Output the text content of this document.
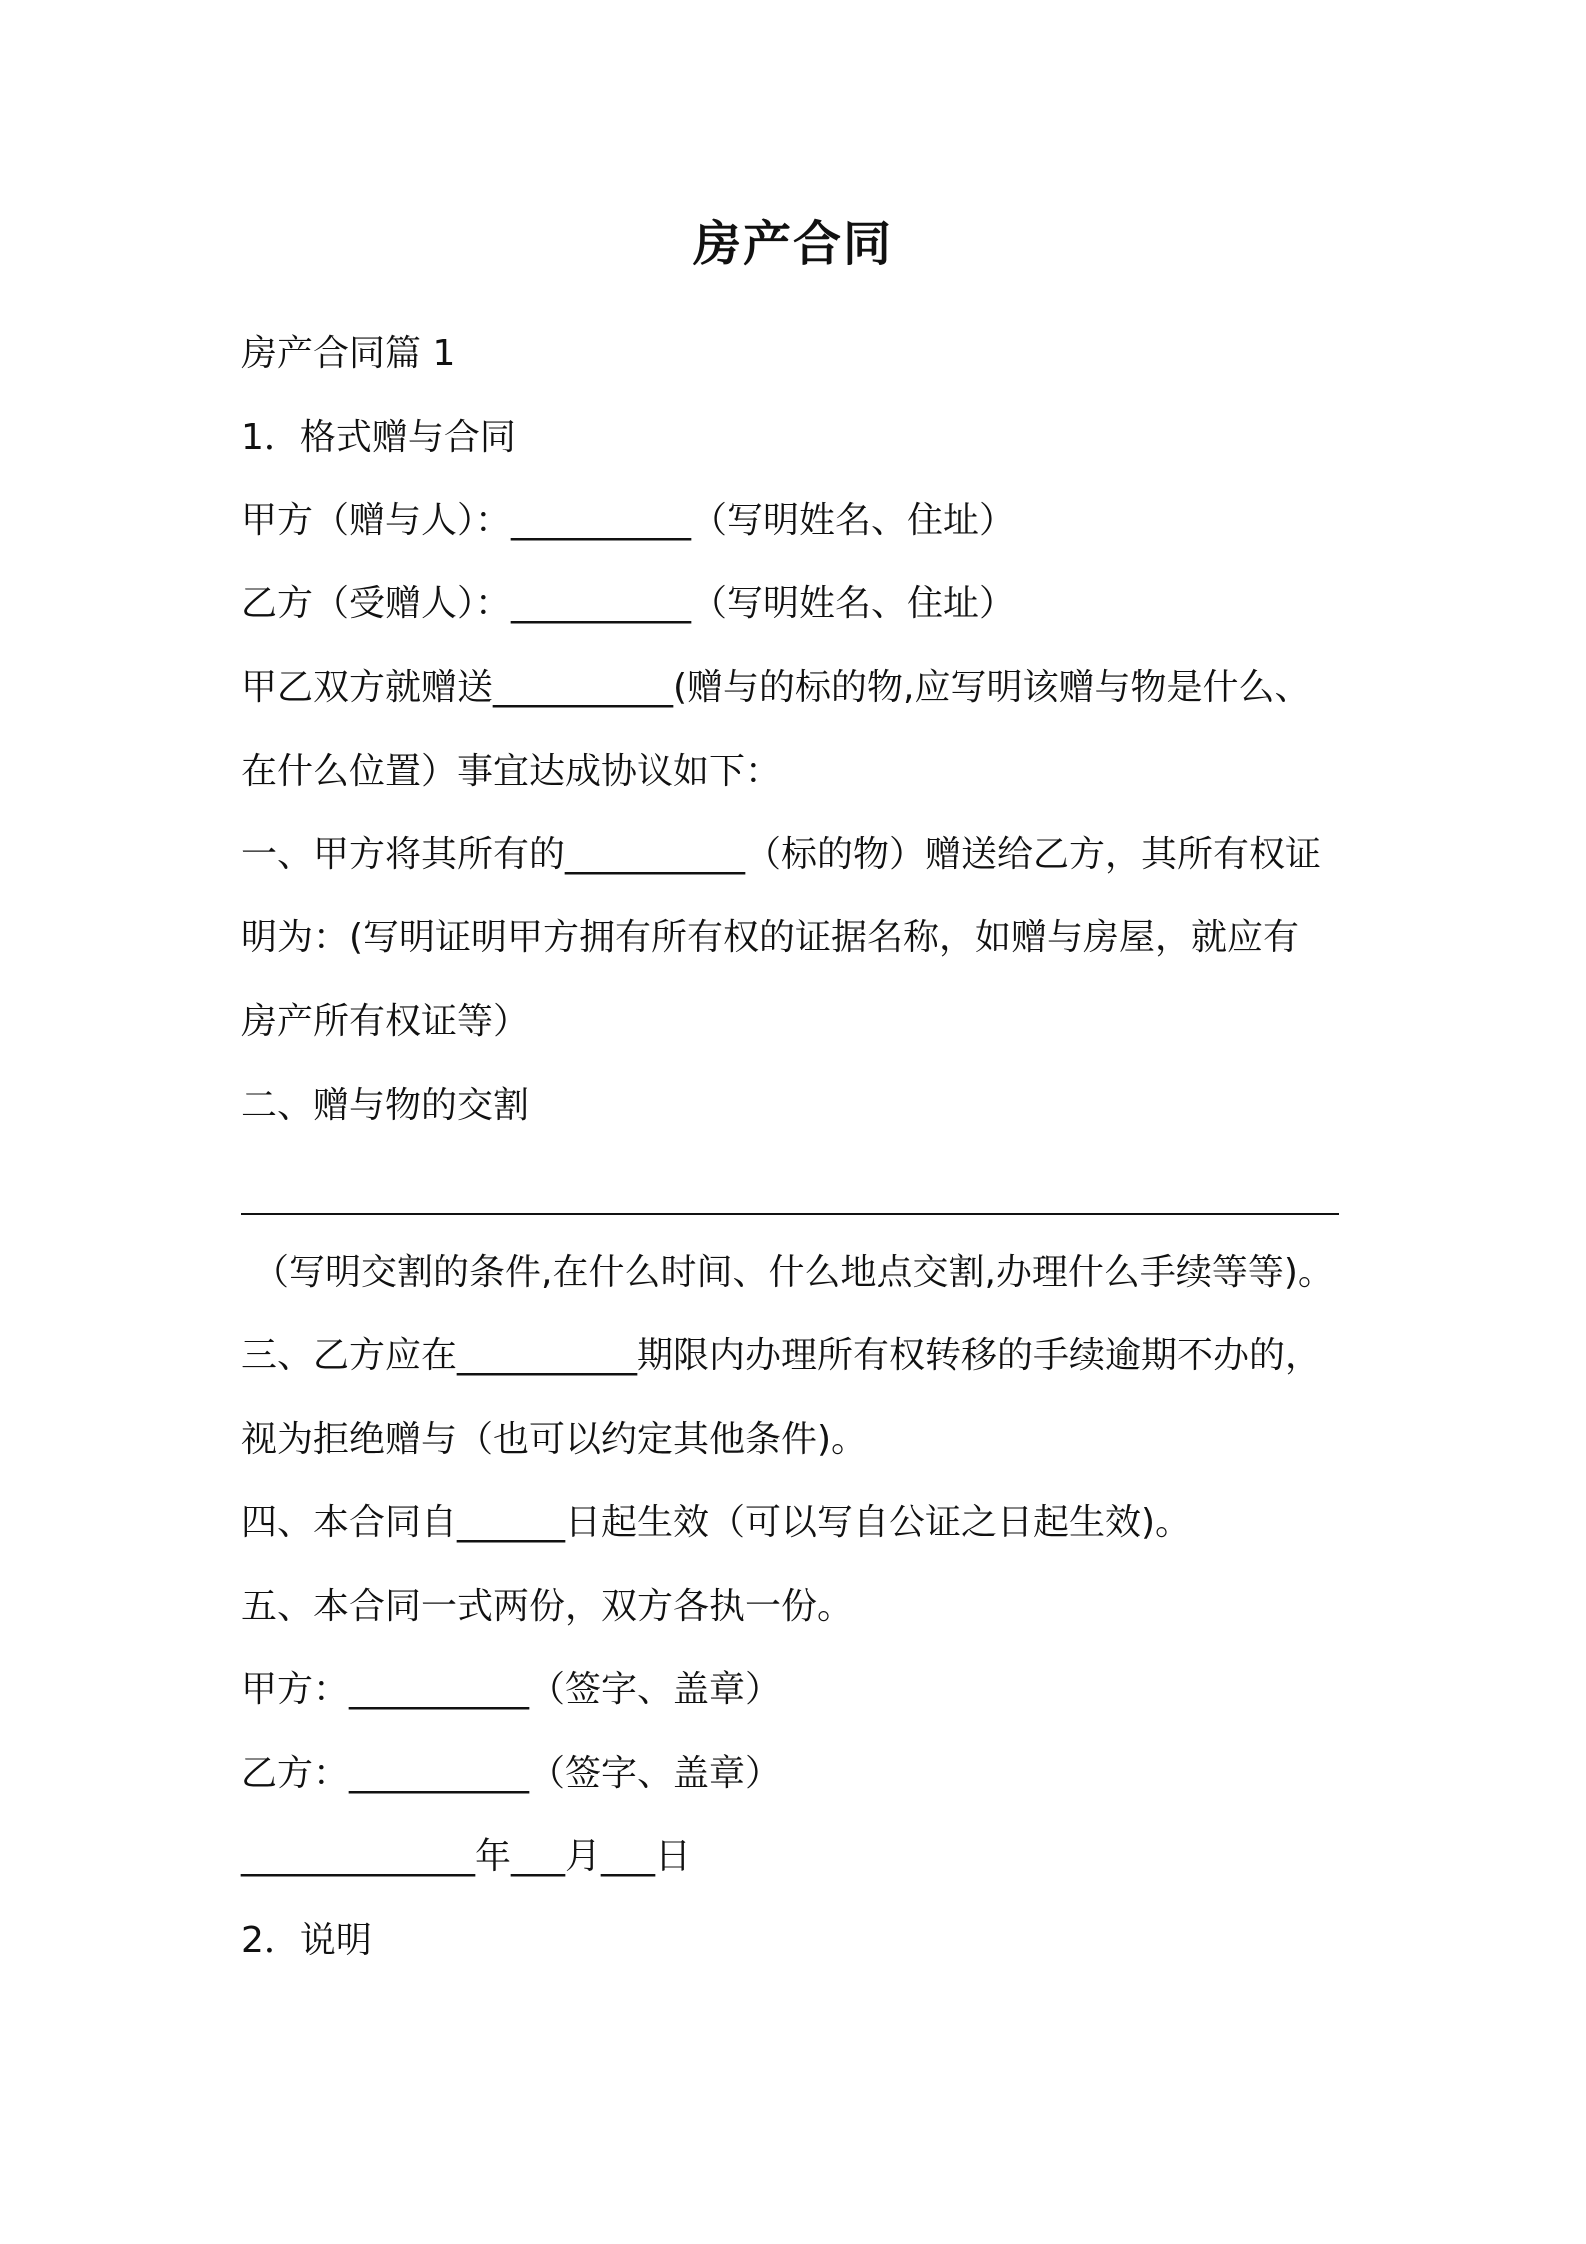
房产合同

房产合同篇 1

1．格式赠与合同

甲方（赠与人）：__________（写明姓名、住址）

乙方（受赠人）：__________（写明姓名、住址）

甲乙双方就赠送__________(赠与的标的物,应写明该赠与物是什么、

在什么位置）事宜达成协议如下：

一、甲方将其所有的__________（标的物）赠送给乙方，其所有权证

明为：(写明证明甲方拥有所有权的证据名称，如赠与房屋，就应有

房产所有权证等）

二、赠与物的交割

（写明交割的条件,在什么时间、什么地点交割,办理什么手续等等)。

三、乙方应在__________期限内办理所有权转移的手续逾期不办的，

视为拒绝赠与（也可以约定其他条件)。

四、本合同自______日起生效（可以写自公证之日起生效)。

五、本合同一式两份，双方各执一份。

甲方：__________（签字、盖章）

乙方：__________（签字、盖章）

_____________年___月___日

2．说明
